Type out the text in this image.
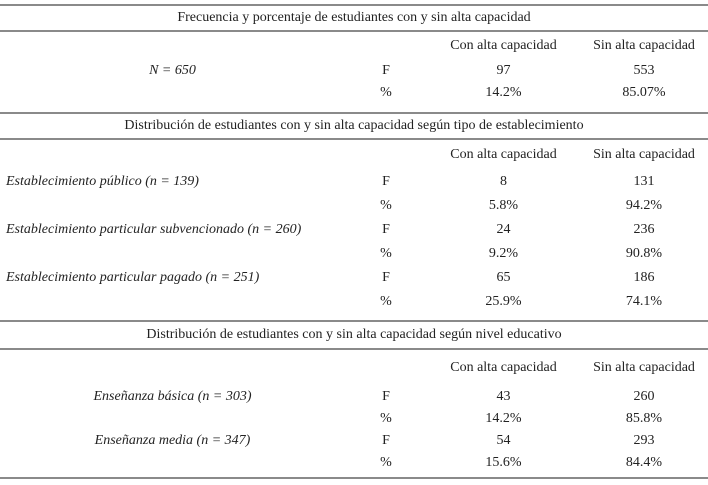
Frecuencia y porcentaje de estudiantes con y sin alta capacidad
Con alta capacidad	Sin alta capacidad
N = 650	F	97	553
%	14.2%	85.07%
Distribución de estudiantes con y sin alta capacidad según tipo de establecimiento
Con alta capacidad	Sin alta capacidad
Establecimiento público (n = 139)	F	8	131
%	5.8%	94.2%
Establecimiento particular subvencionado (n = 260)	F	24	236
%	9.2%	90.8%
Establecimiento particular pagado (n = 251)	F	65	186
%	25.9%	74.1%
Distribución de estudiantes con y sin alta capacidad según nivel educativo
Con alta capacidad	Sin alta capacidad
Enseñanza básica (n = 303)	F	43	260
%	14.2%	85.8%
Enseñanza media (n = 347)	F	54	293
%	15.6%	84.4%
